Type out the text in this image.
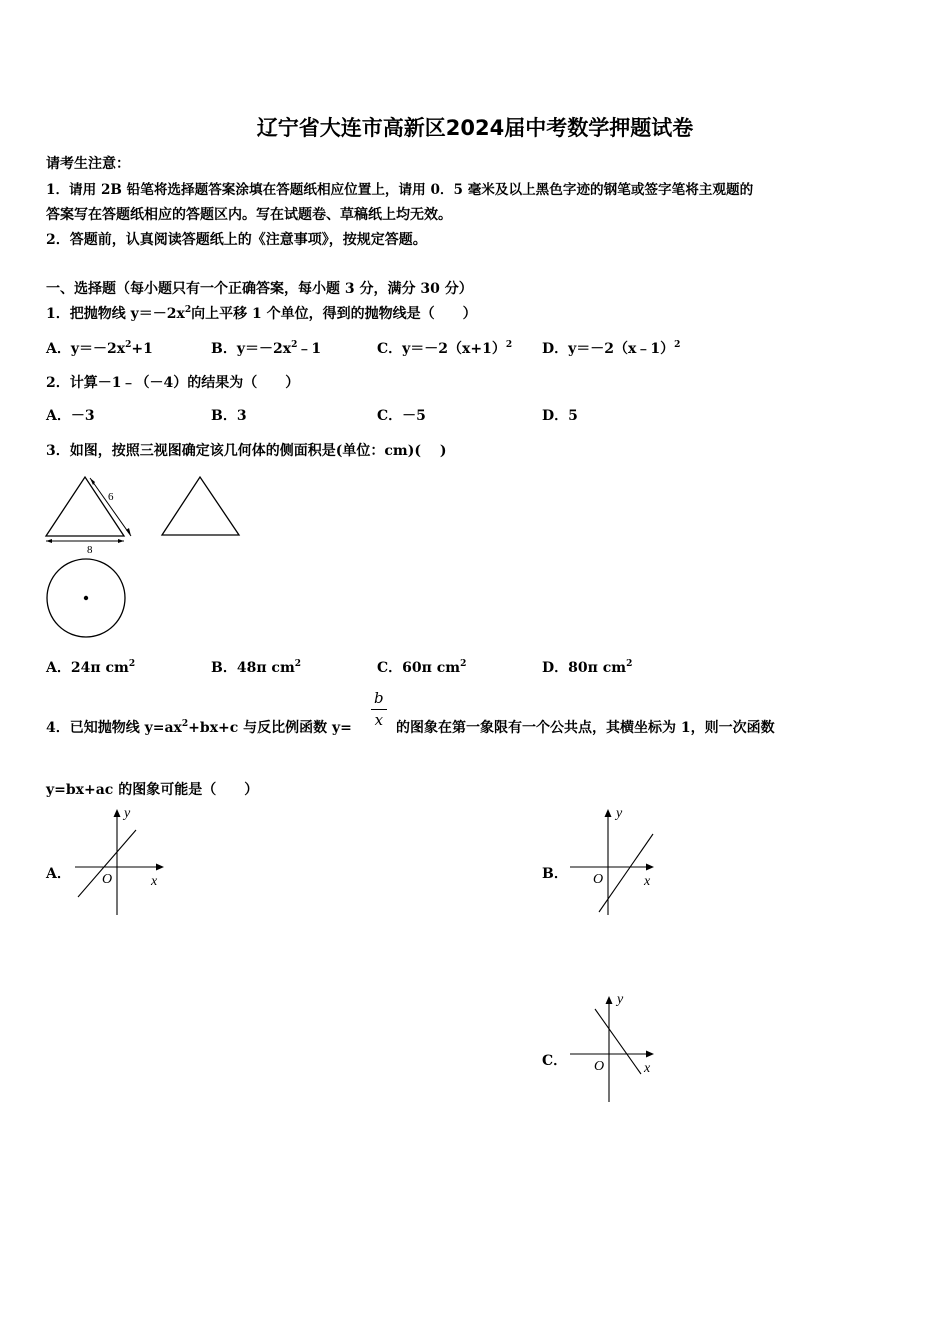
辽宁省大连市高新区2024届中考数学押题试卷
请考生注意：
1．请用 2B 铅笔将选择题答案涂填在答题纸相应位置上，请用 0．5 毫米及以上黑色字迹的钢笔或签字笔将主观题的
答案写在答题纸相应的答题区内。写在试题卷、草稿纸上均无效。
2．答题前，认真阅读答题纸上的《注意事项》，按规定答题。
一、选择题（每小题只有一个正确答案，每小题 3 分，满分 30 分）
1．把抛物线 $y=-2x^2$向上平移 1 个单位，得到的抛物线是（　　）
A．$y=-2x^2+1$	B．$y=-2x^2﹣1$	C．$y=-2(x+1)^2$ D．y＝－2（x﹣1）$^2$
2．计算－1﹣（－4）的结果为（　　）
A．－3	B．3	C．－5	D．5
3．如图，按照三视图确定该几何体的侧面积是(单位：cm)(　 )
6
8
A．24π $cm^2$	B．48π $cm^2$	C．60π $cm^2$	D．80π $cm^2$
4．已知抛物线 $y=ax^2+bx+c$ 与反比例函数 $y= \frac{b}{x}$ 的图象在第一象限有一个公共点，其横坐标为 1，则一次函数
y=bx+ac 的图象可能是（　　）
A．
y
x
O	B．
y
x
O
C．
y
x
O
